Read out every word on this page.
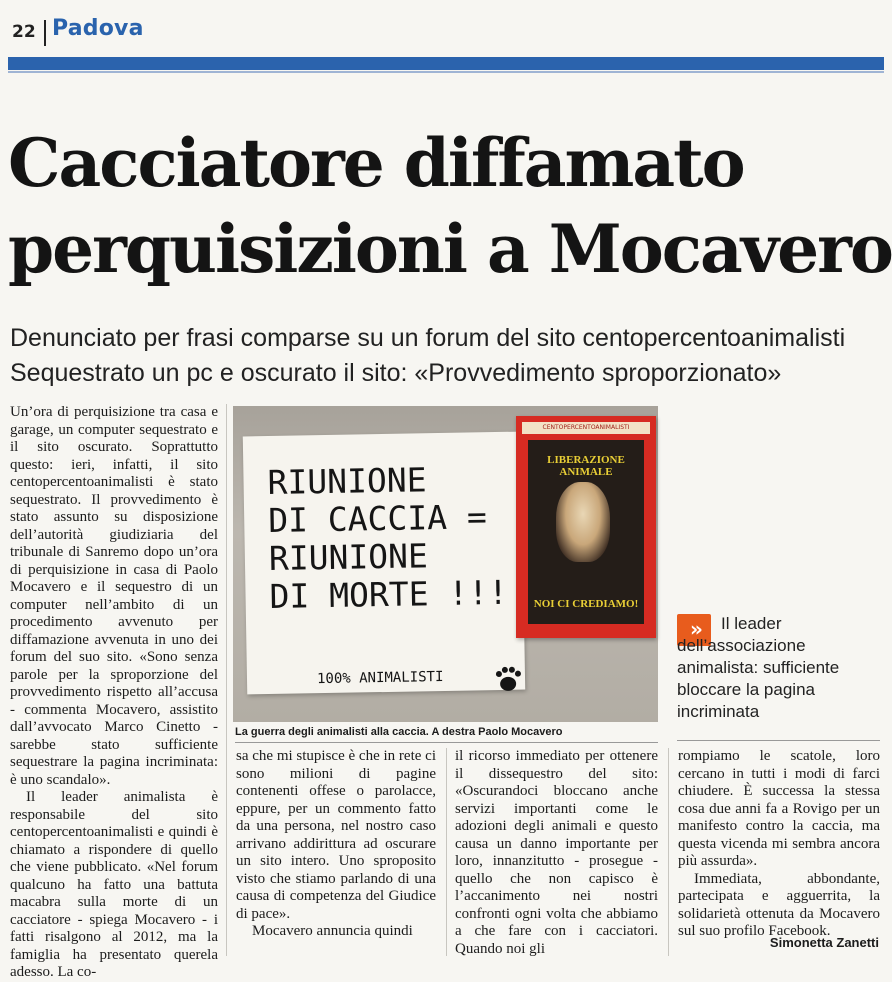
22 Padova
Cacciatore diffamato
perquisizioni a Mocavero
Denunciato per frasi comparse su un forum del sito centopercentoanimalisti
Sequestrato un pc e oscurato il sito: «Provvedimento sproporzionato»

Un’ora di perquisizione tra casa e garage, un computer sequestrato e il sito oscurato. Soprattutto questo: ieri, infatti, il sito centopercentoanimalisti è stato sequestrato. Il provvedimento è stato assunto su disposizione dell’autorità giudiziaria del tribunale di Sanremo dopo un’ora di perquisizione in casa di Paolo Mocavero e il sequestro di un computer nell’ambito di un procedimento avvenuto per diffamazione avvenuta in uno dei forum del suo sito. «Sono senza parole per la sproporzione del provvedimento rispetto all’accusa - commenta Mocavero, assistito dall’avvocato Marco Cinetto - sarebbe stato sufficiente sequestrare la pagina incriminata: è uno scandalo».

Il leader animalista è responsabile del sito centopercentoanimalisti e quindi è chiamato a rispondere di quello che viene pubblicato. «Nel forum qualcuno ha fatto una battuta macabra sulla morte di un cacciatore - spiega Mocavero - i fatti risalgono al 2012, ma la famiglia ha presentato querela adesso. La co-

RIUNIONE
DI CACCIA =
RIUNIONE
DI MORTE !!!
100% ANIMALISTI
CENTOPERCENTOANIMALISTI
LIBERAZIONE ANIMALE
NOI CI CREDIAMO!
La guerra degli animalisti alla caccia. A destra Paolo Mocavero
»	Il leader
dell’associazione
animalista: sufficiente
bloccare la pagina
incriminata

sa che mi stupisce è che in rete ci sono milioni di pagine contenenti offese o parolacce, eppure, per un commento fatto da una persona, nel nostro caso arrivano addirittura ad oscurare un sito intero. Uno sproposito visto che stiamo parlando di una causa di competenza del Giudice di pace».

Mocavero annuncia quindi

il ricorso immediato per ottenere il dissequestro del sito: «Oscurandoci bloccano anche servizi importanti come le adozioni degli animali e questo causa un danno importante per loro, innanzitutto - prosegue - quello che non capisco è l’accanimento nei nostri confronti ogni volta che abbiamo a che fare con i cacciatori. Quando noi gli

rompiamo le scatole, loro cercano in tutti i modi di farci chiudere. È successa la stessa cosa due anni fa a Rovigo per un manifesto contro la caccia, ma questa vicenda mi sembra ancora più assurda».

Immediata, abbondante, partecipata e agguerrita, la solidarietà ottenuta da Mocavero sul suo profilo Facebook.

Simonetta Zanetti
